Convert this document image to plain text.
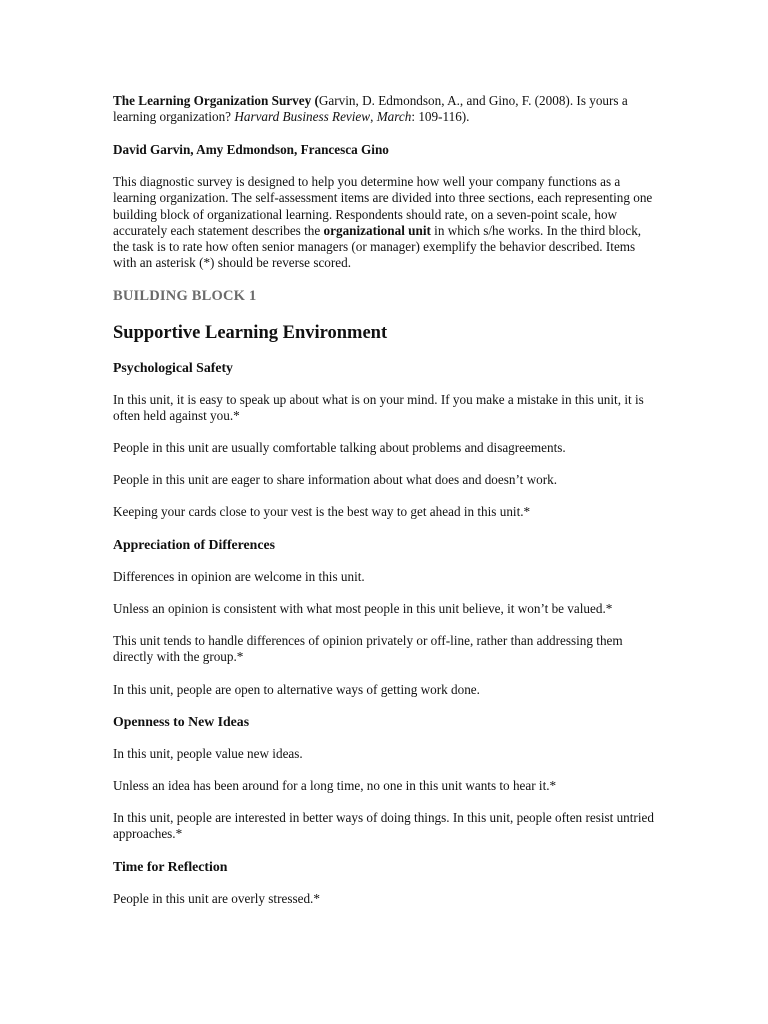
The Learning Organization Survey (Garvin, D. Edmondson, A., and Gino, F. (2008). Is yours a learning organization? Harvard Business Review, March: 109-116).

David Garvin, Amy Edmondson, Francesca Gino

This diagnostic survey is designed to help you determine how well your company functions as a learning organization. The self-assessment items are divided into three sections, each representing one building block of organizational learning. Respondents should rate, on a seven-point scale, how accurately each statement describes the organizational unit in which s/he works. In the third block, the task is to rate how often senior managers (or manager) exemplify the behavior described. Items with an asterisk (*) should be reverse scored.

BUILDING BLOCK 1

Supportive Learning Environment

Psychological Safety

In this unit, it is easy to speak up about what is on your mind. If you make a mistake in this unit, it is often held against you.*

People in this unit are usually comfortable talking about problems and disagreements.

People in this unit are eager to share information about what does and doesn’t work.

Keeping your cards close to your vest is the best way to get ahead in this unit.*

Appreciation of Differences

Differences in opinion are welcome in this unit.

Unless an opinion is consistent with what most people in this unit believe, it won’t be valued.*

This unit tends to handle differences of opinion privately or off-line, rather than addressing them directly with the group.*

In this unit, people are open to alternative ways of getting work done.

Openness to New Ideas

In this unit, people value new ideas.

Unless an idea has been around for a long time, no one in this unit wants to hear it.*

In this unit, people are interested in better ways of doing things. In this unit, people often resist untried approaches.*

Time for Reflection

People in this unit are overly stressed.*
